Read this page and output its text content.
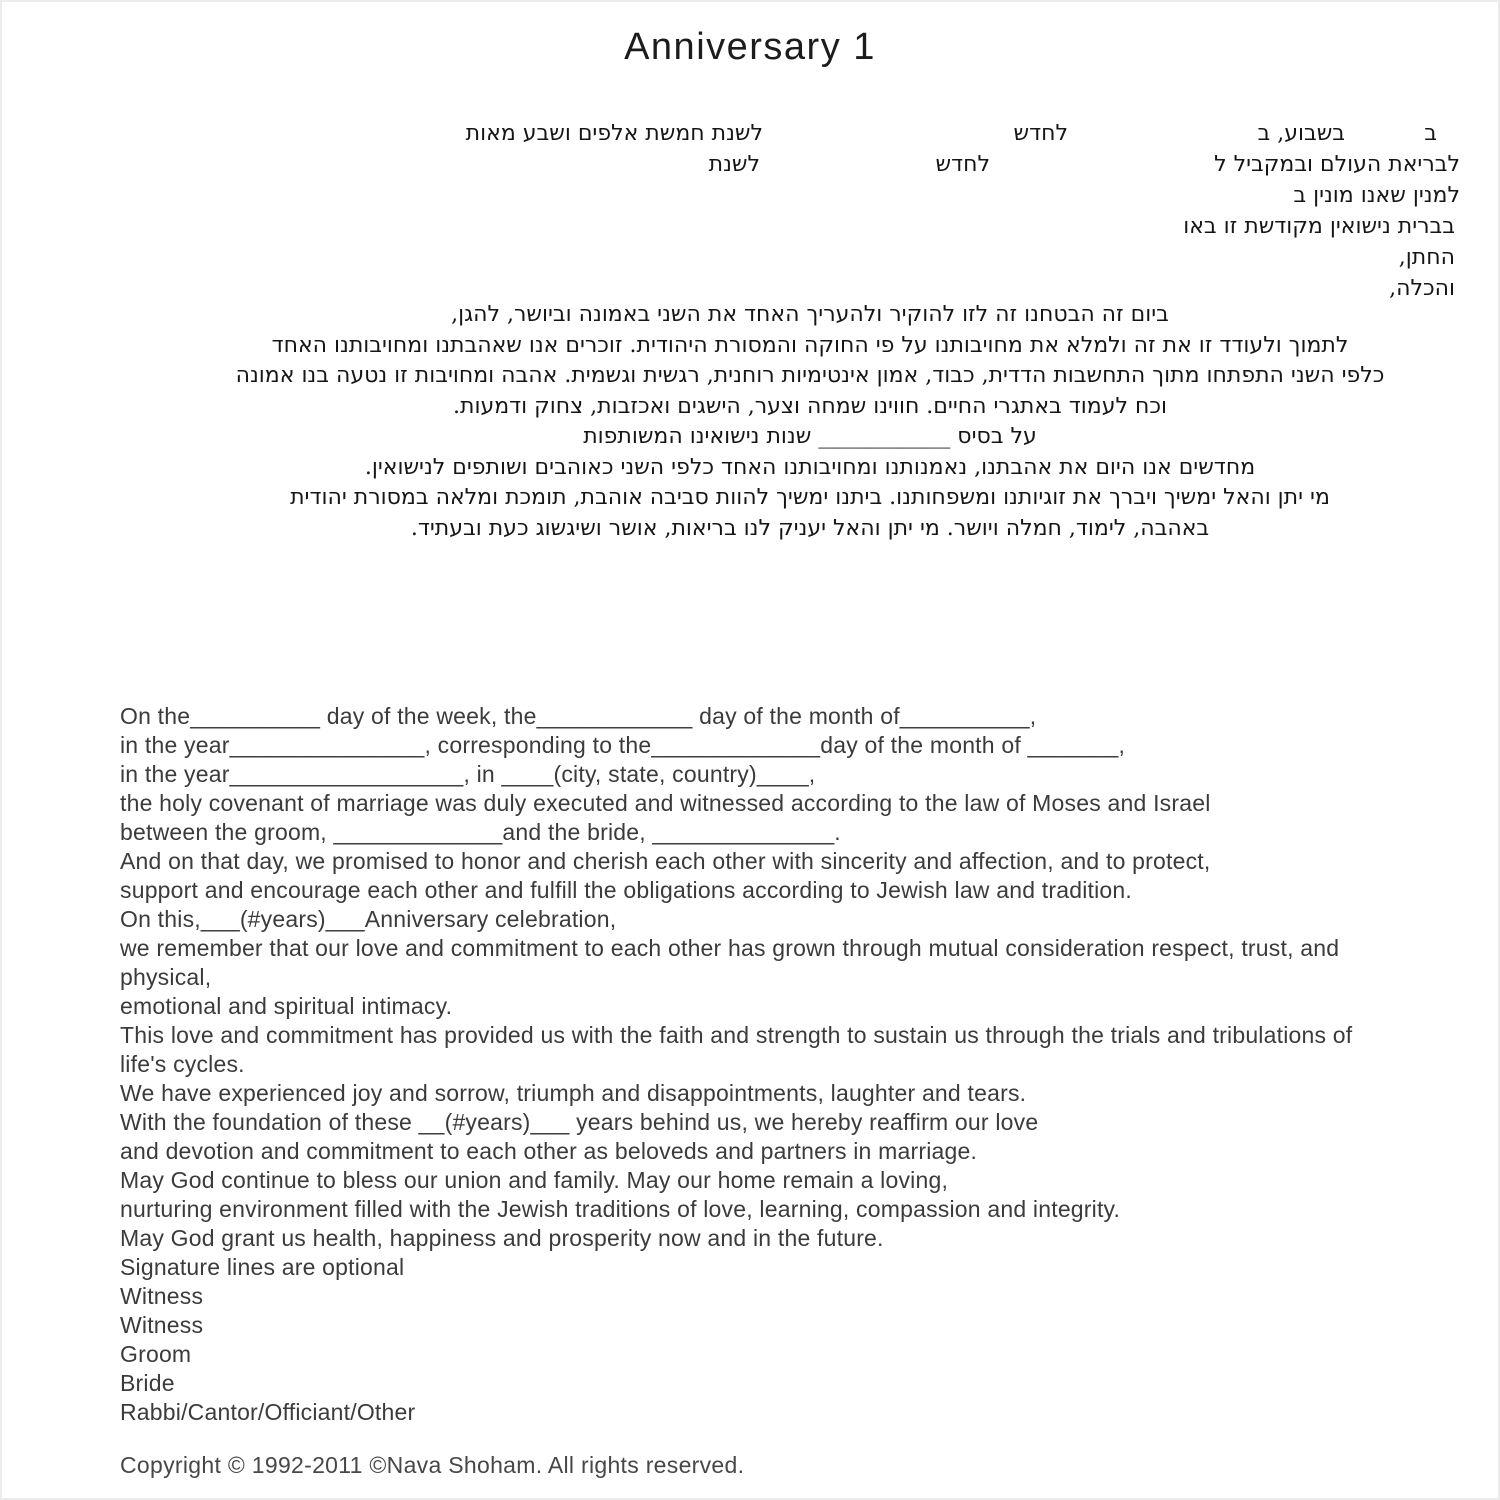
Anniversary 1
ב
בשבוע, ב
לחדש
לשנת חמשת אלפים ושבע מאות
לבריאת העולם ובמקביל ל
לחדש
לשנת
למנין שאנו מונין ב
בברית נישואין מקודשת זו באו
החתן,
והכלה,
ביום זה הבטחנו זה לזו להוקיר ולהעריך האחד את השני באמונה וביושר, להגן,
לתמוך ולעודד זו את זה ולמלא את מחויבותנו על פי החוקה והמסורת היהודית. זוכרים אנו שאהבתנו ומחויבותנו האחד
כלפי השני התפתחו מתוך התחשבות הדדית, כבוד, אמון אינטימיות רוחנית, רגשית וגשמית. אהבה ומחויבות זו נטעה בנו אמונה
וכח לעמוד באתגרי החיים. חווינו שמחה וצער, הישגים ואכזבות, צחוק ודמעות.
על בסיס ____________ שנות נישואינו המשותפות
מחדשים אנו היום את אהבתנו, נאמנותנו ומחויבותנו האחד כלפי השני כאוהבים ושותפים לנישואין.
מי יתן והאל ימשיך ויברך את זוגיותנו ומשפחותנו. ביתנו ימשיך להוות סביבה אוהבת, תומכת ומלאה במסורת יהודית
באהבה, לימוד, חמלה ויושר. מי יתן והאל יעניק לנו בריאות, אושר ושיגשוג כעת ובעתיד.
On the__________ day of the week, the____________ day of the month of__________,
in the year_______________, corresponding to the_____________day of the month of _______,
in the year__________________, in ____(city, state, country)____,
the holy covenant of marriage was duly executed and witnessed according to the law of Moses and Israel
between the groom, _____________and the bride, ______________.
And on that day, we promised to honor and cherish each other with sincerity and affection, and to protect,
support and encourage each other and fulfill the obligations according to Jewish law and tradition.
On this,___(#years)___Anniversary celebration,
we remember that our love and commitment to each other has grown through mutual consideration respect, trust, and
physical,
emotional and spiritual intimacy.
This love and commitment has provided us with the faith and strength to sustain us through the trials and tribulations of
life's cycles.
We have experienced joy and sorrow, triumph and disappointments, laughter and tears.
With the foundation of these __(#years)___ years behind us, we hereby reaffirm our love
and devotion and commitment to each other as beloveds and partners in marriage.
May God continue to bless our union and family. May our home remain a loving,
nurturing environment filled with the Jewish traditions of love, learning, compassion and integrity.
May God grant us health, happiness and prosperity now and in the future.
Signature lines are optional
Witness
Witness
Groom
Bride
Rabbi/Cantor/Officiant/Other
Copyright © 1992-2011 ©Nava Shoham. All rights reserved.
